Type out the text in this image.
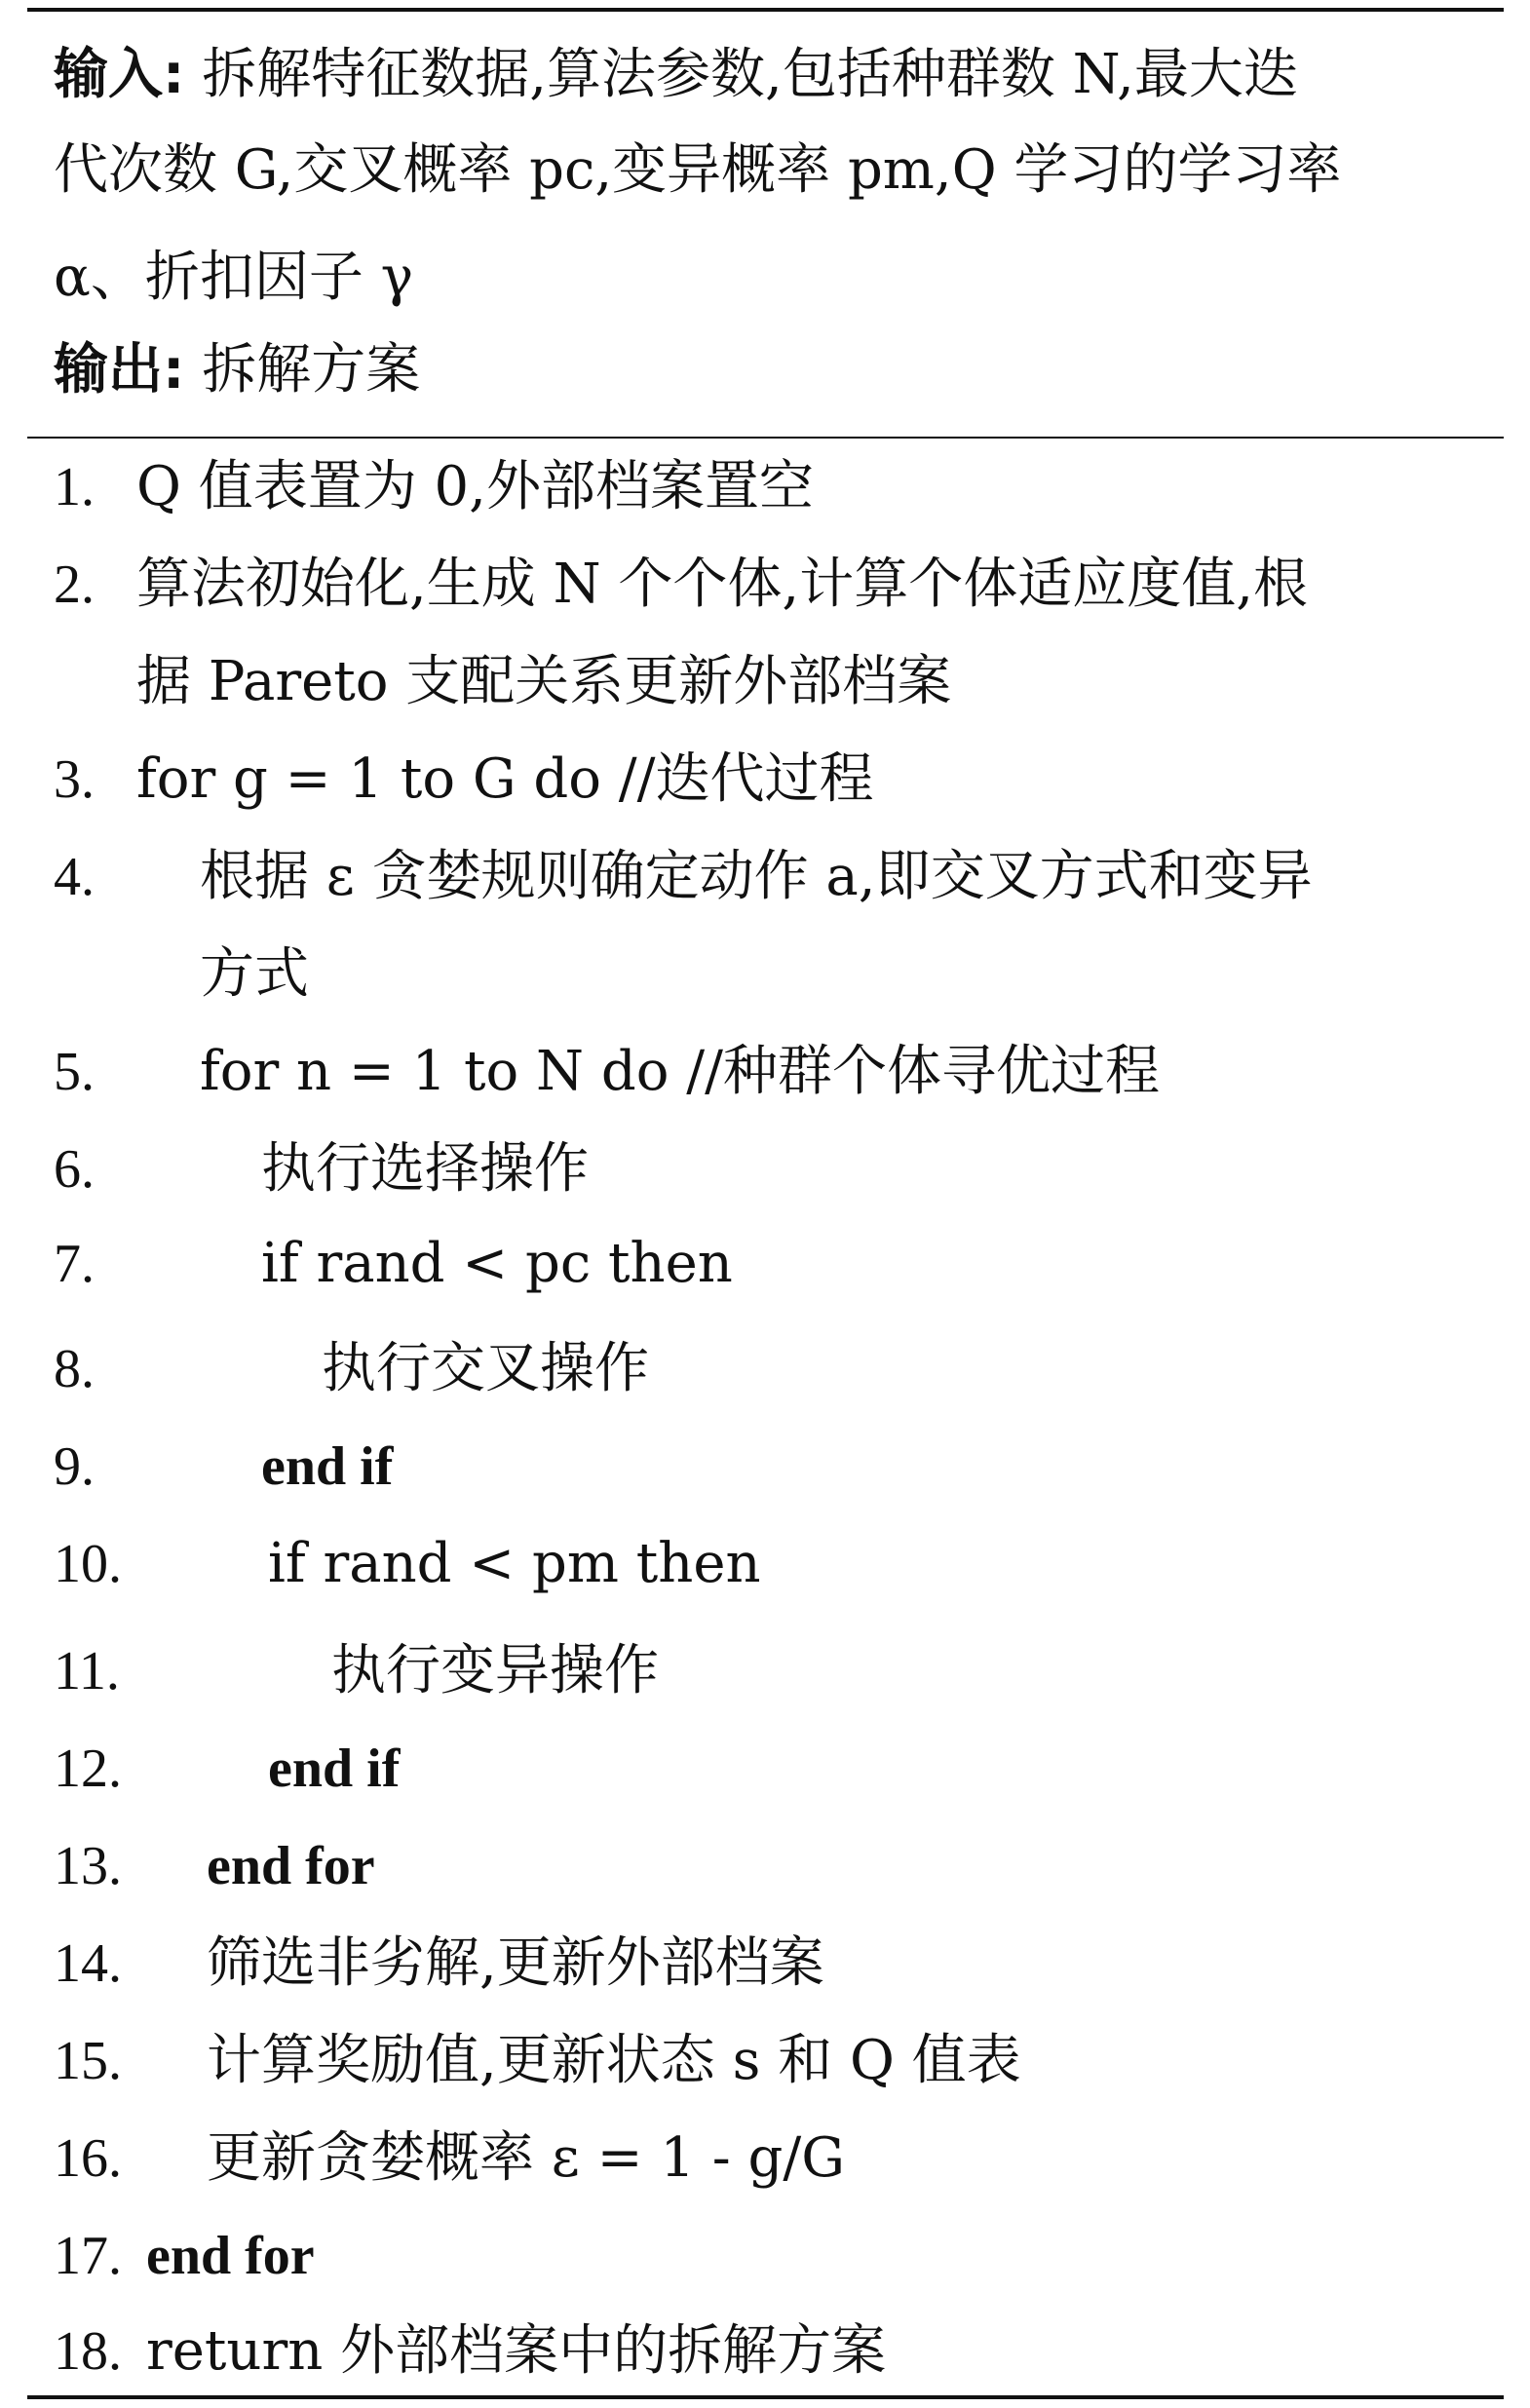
输入: 拆解特征数据,算法参数,包括种群数 N,最大迭
代次数 G,交叉概率 pc,变异概率 pm,Q 学习的学习率
α、折扣因子 γ
输出: 拆解方案
1. Q 值表置为 0,外部档案置空
2. 算法初始化,生成 N 个个体,计算个体适应度值,根
据 Pareto 支配关系更新外部档案
3. for g = 1 to G do //迭代过程
4. 根据 ε 贪婪规则确定动作 a,即交叉方式和变异
方式
5. for n = 1 to N do //种群个体寻优过程
6.	执行选择操作
7.	if rand < pc then
8.	执行交叉操作
9.	end if
10.	if rand < pm then
11.	执行变异操作
12.	end if
13. end for
14. 筛选非劣解,更新外部档案
15. 计算奖励值,更新状态 s 和 Q 值表
16. 更新贪婪概率 ε = 1 - g/G
17. end for
18. return 外部档案中的拆解方案
